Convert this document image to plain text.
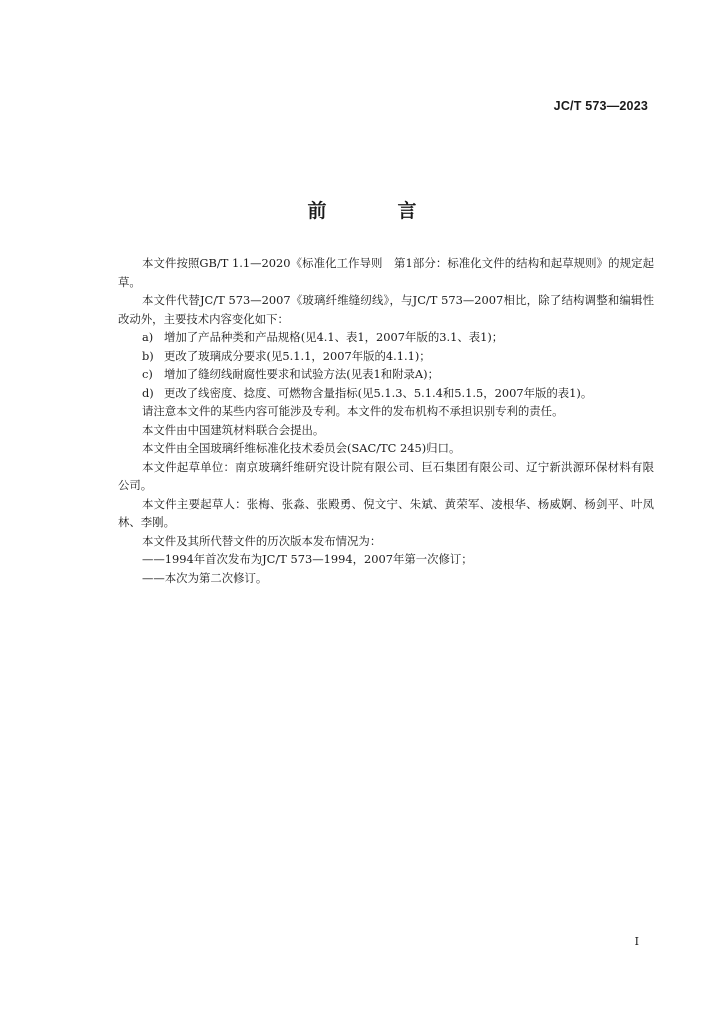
JC/T 573—2023
前　言

本文件按照GB/T 1.1—2020《标准化工作导则　第1部分：标准化文件的结构和起草规则》的规定起草。

本文件代替JC/T 573—2007《玻璃纤维缝纫线》，与JC/T 573—2007相比，除了结构调整和编辑性改动外，主要技术内容变化如下：

a) 增加了产品种类和产品规格(见4.1、表1，2007年版的3.1、表1)；

b) 更改了玻璃成分要求(见5.1.1，2007年版的4.1.1)；

c) 增加了缝纫线耐腐性要求和试验方法(见表1和附录A)；

d) 更改了线密度、捻度、可燃物含量指标(见5.1.3、5.1.4和5.1.5，2007年版的表1)。

请注意本文件的某些内容可能涉及专利。本文件的发布机构不承担识别专利的责任。

本文件由中国建筑材料联合会提出。

本文件由全国玻璃纤维标准化技术委员会(SAC/TC 245)归口。

本文件起草单位：南京玻璃纤维研究设计院有限公司、巨石集团有限公司、辽宁新洪源环保材料有限公司。

本文件主要起草人：张梅、张淼、张殿勇、倪文宁、朱斌、黄荣军、凌根华、杨威婀、杨剑平、叶凤林、李刚。

本文件及其所代替文件的历次版本发布情况为：

——1994年首次发布为JC/T 573—1994，2007年第一次修订；

——本次为第二次修订。

I
